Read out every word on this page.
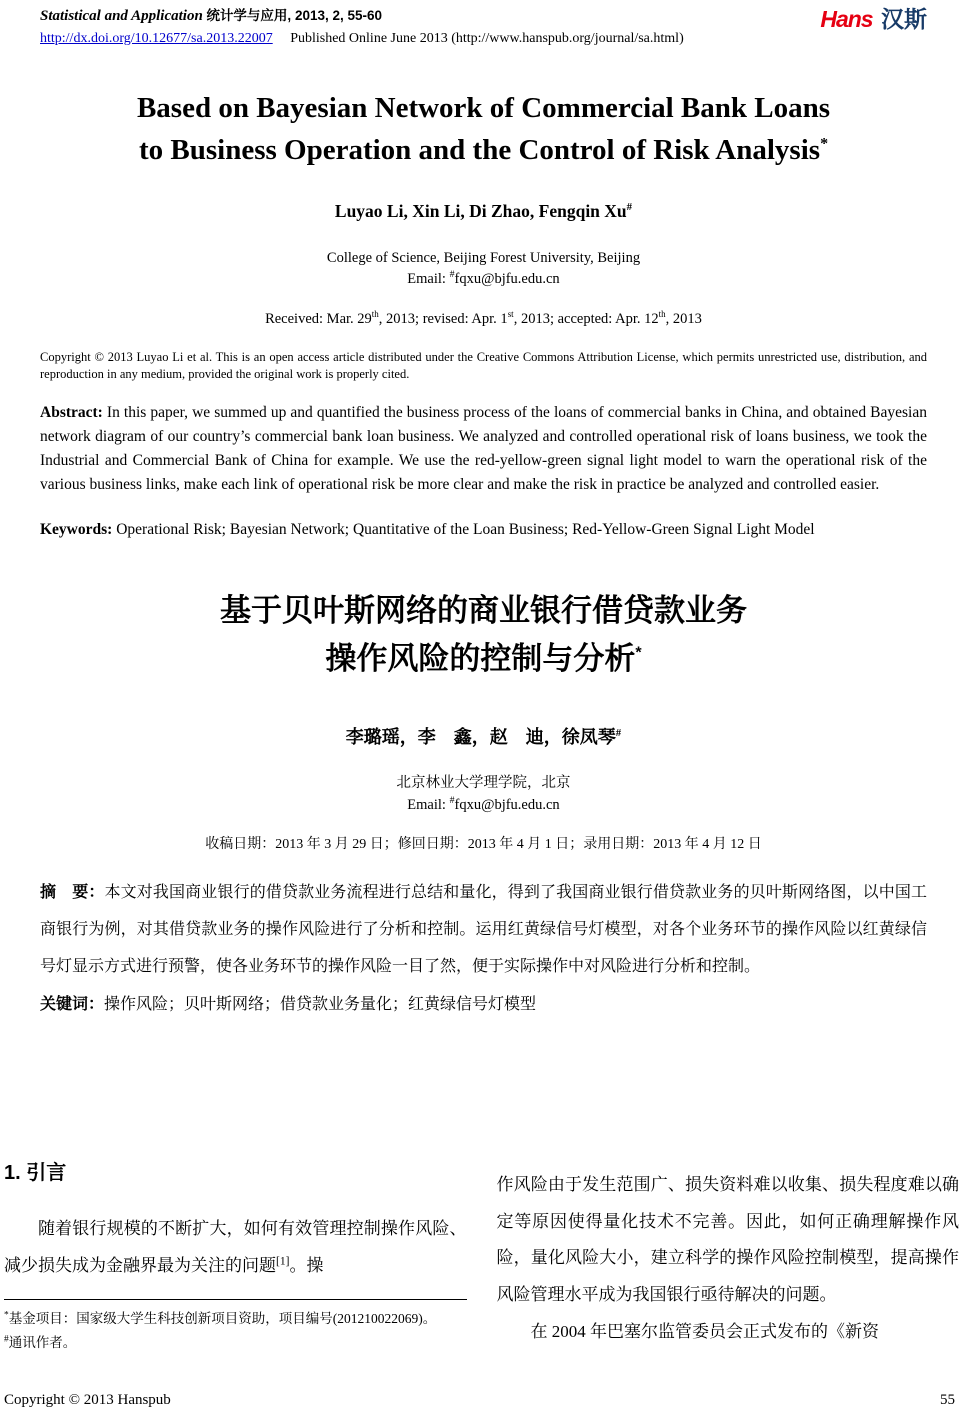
Statistical and Application 统计学与应用, 2013, 2, 55-60
http://dx.doi.org/10.12677/sa.2013.22007 Published Online June 2013 (http://www.hanspub.org/journal/sa.html)
Hans 汉斯
Based on Bayesian Network of Commercial Bank Loans
to Business Operation and the Control of Risk Analysis*
Luyao Li, Xin Li, Di Zhao, Fengqin Xu#
College of Science, Beijing Forest University, Beijing
Email: #fqxu@bjfu.edu.cn
Received: Mar. 29th, 2013; revised: Apr. 1st, 2013; accepted: Apr. 12th, 2013
Copyright © 2013 Luyao Li et al. This is an open access article distributed under the Creative Commons Attribution License, which permits unrestricted use, distribution, and reproduction in any medium, provided the original work is properly cited.
Abstract: In this paper, we summed up and quantified the business process of the loans of commercial banks in China, and obtained Bayesian network diagram of our country’s commercial bank loan business. We analyzed and controlled operational risk of loans business, we took the Industrial and Commercial Bank of China for example. We use the red-yellow-green signal light model to warn the operational risk of the various business links, make each link of operational risk be more clear and make the risk in practice be analyzed and controlled easier.
Keywords: Operational Risk; Bayesian Network; Quantitative of the Loan Business; Red-Yellow-Green Signal Light Model
基于贝叶斯网络的商业银行借贷款业务
操作风险的控制与分析*
李璐瑶，李　鑫，赵　迪，徐凤琴#
北京林业大学理学院，北京
Email: #fqxu@bjfu.edu.cn
收稿日期：2013 年 3 月 29 日；修回日期：2013 年 4 月 1 日；录用日期：2013 年 4 月 12 日
摘　要：本文对我国商业银行的借贷款业务流程进行总结和量化，得到了我国商业银行借贷款业务的贝叶斯网络图，以中国工商银行为例，对其借贷款业务的操作风险进行了分析和控制。运用红黄绿信号灯模型，对各个业务环节的操作风险以红黄绿信号灯显示方式进行预警，使各业务环节的操作风险一目了然，便于实际操作中对风险进行分析和控制。
关键词：操作风险；贝叶斯网络；借贷款业务量化；红黄绿信号灯模型
1. 引言

随着银行规模的不断扩大，如何有效管理控制操作风险、减少损失成为金融界最为关注的问题[1]。操

*基金项目：国家级大学生科技创新项目资助，项目编号(201210022069)。

#通讯作者。

作风险由于发生范围广、损失资料难以收集、损失程度难以确定等原因使得量化技术不完善。因此，如何正确理解操作风险，量化风险大小，建立科学的操作风险控制模型，提高操作风险管理水平成为我国银行亟待解决的问题。

在 2004 年巴塞尔监管委员会正式发布的《新资

Copyright © 2013 Hanspub	55
